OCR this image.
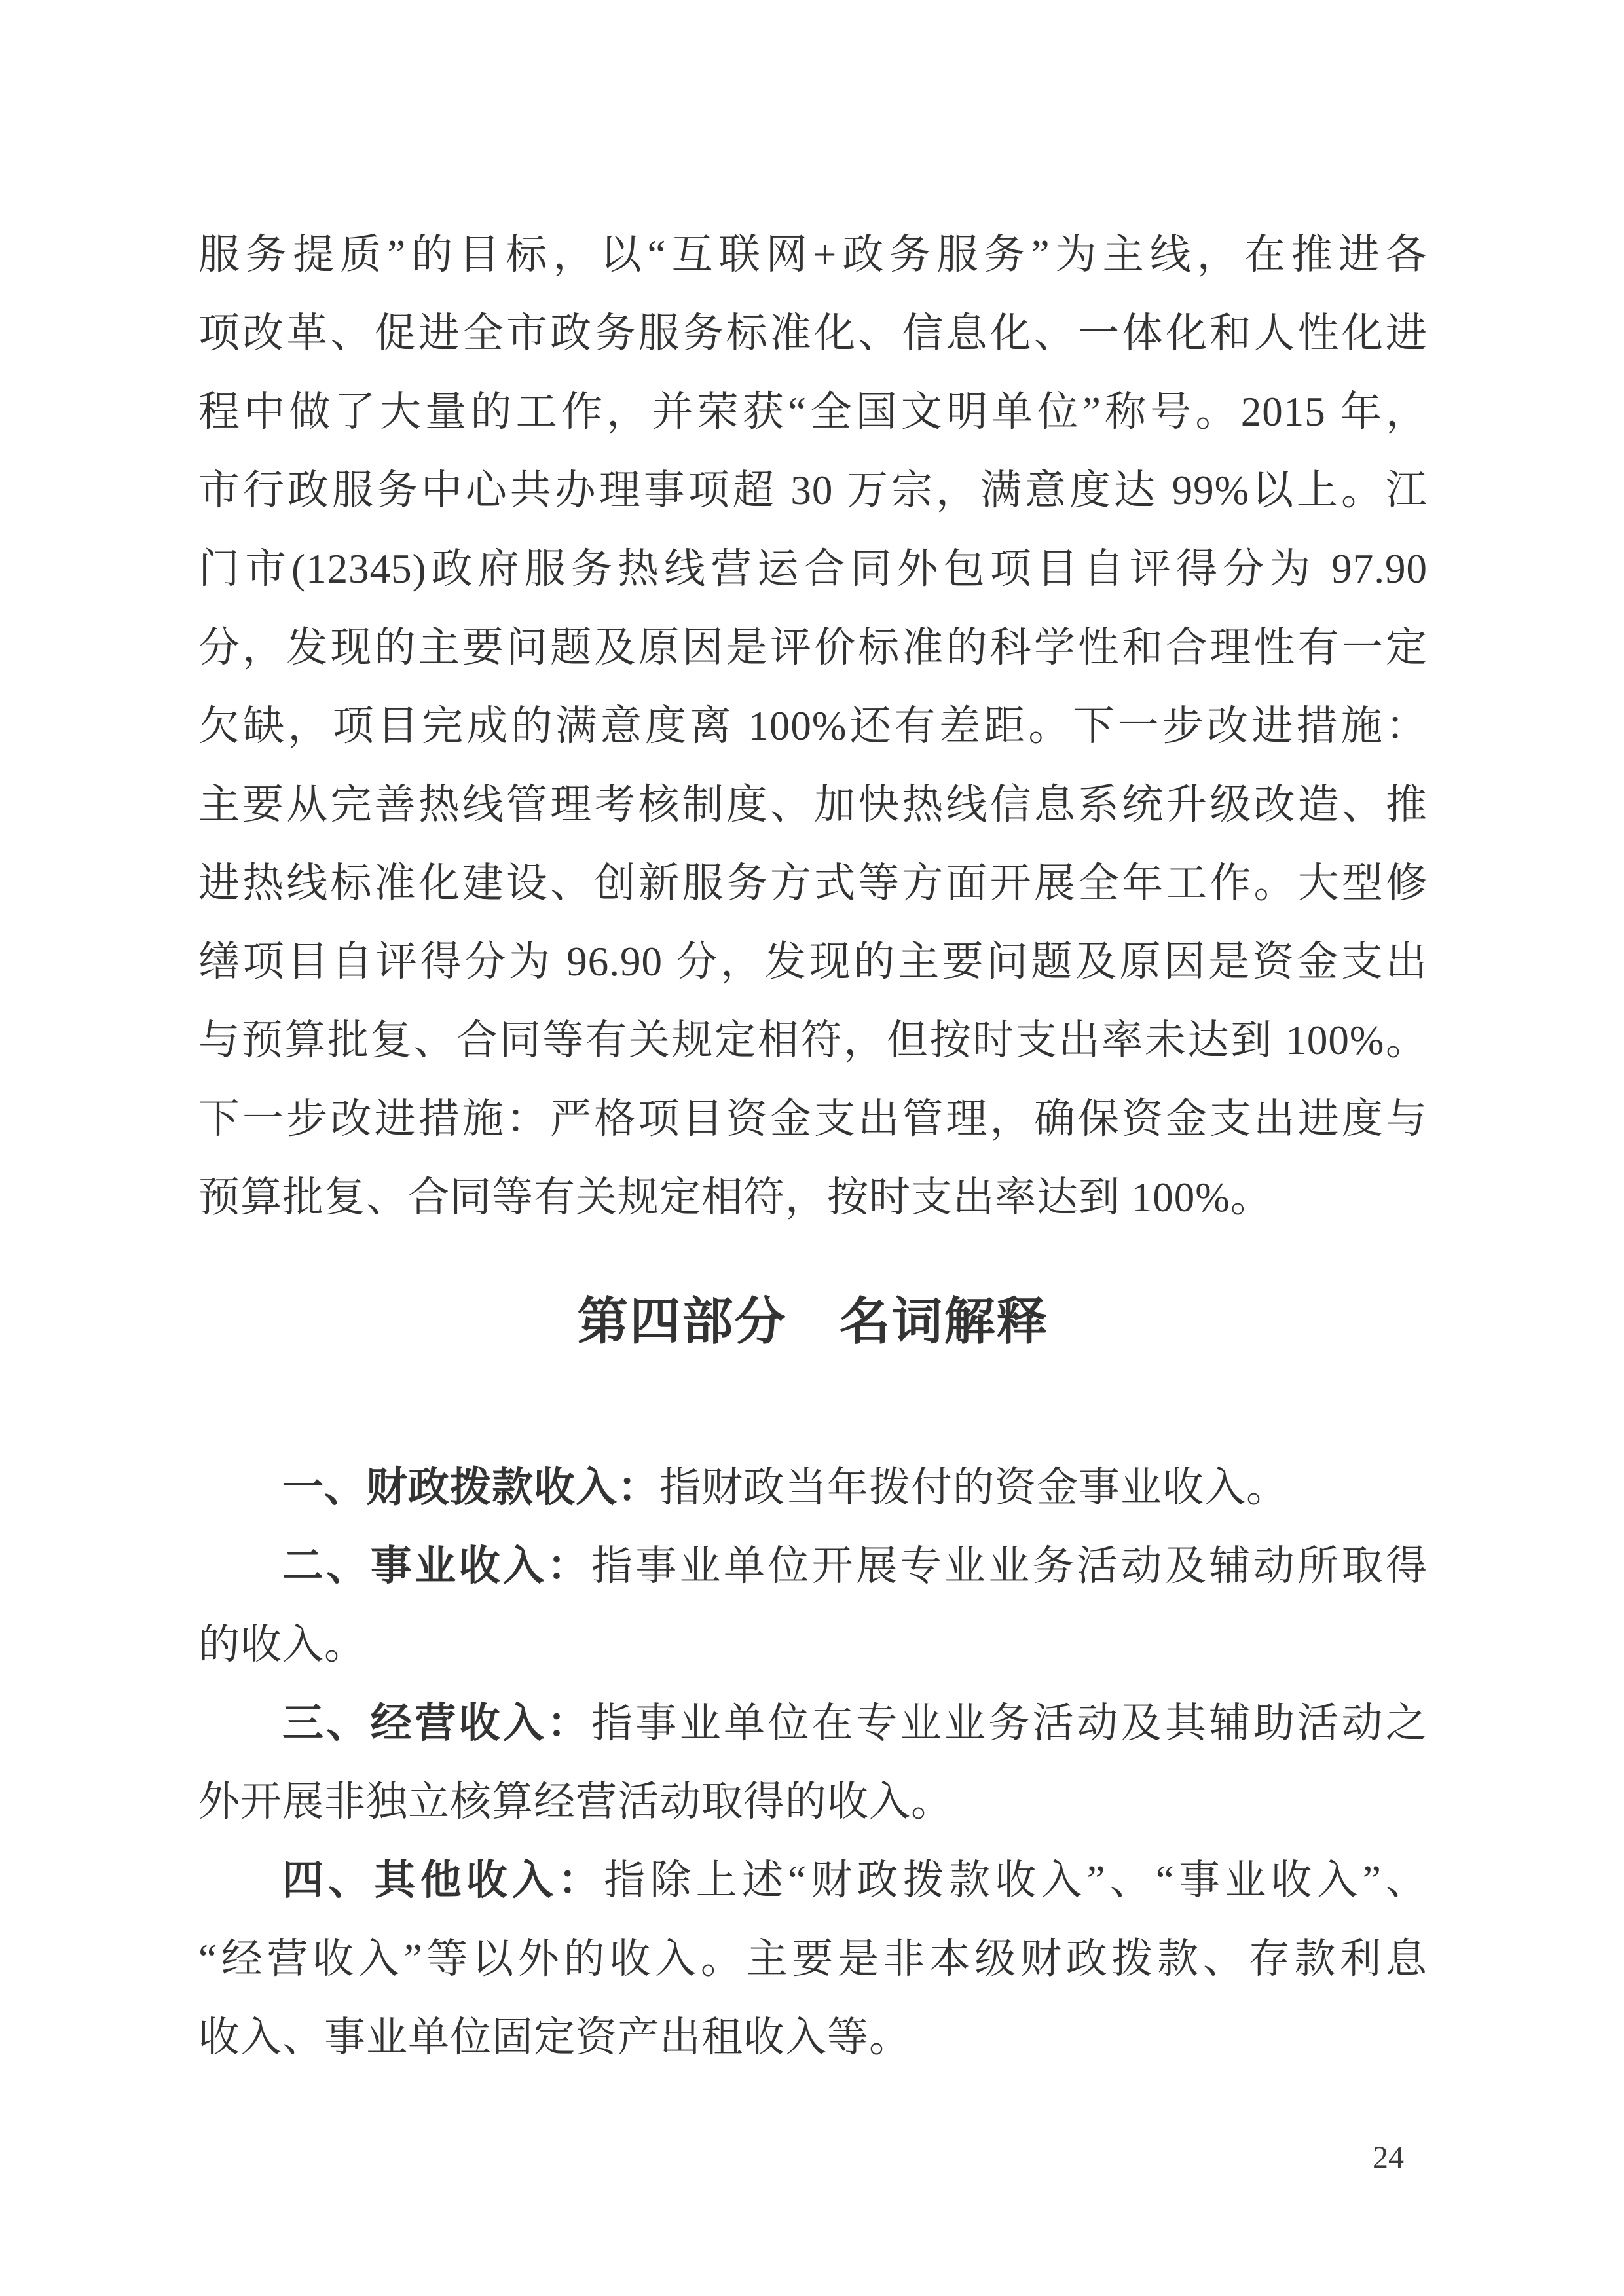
服务提质”的目标，以“互联网+政务服务”为主线，在推进各
项改革、促进全市政务服务标准化、信息化、一体化和人性化进
程中做了大量的工作，并荣获“全国文明单位”称号。2015 年，
市行政服务中心共办理事项超 30 万宗，满意度达 99%以上。江
门市(12345)政府服务热线营运合同外包项目自评得分为 97.90
分，发现的主要问题及原因是评价标准的科学性和合理性有一定
欠缺，项目完成的满意度离 100%还有差距。下一步改进措施：
主要从完善热线管理考核制度、加快热线信息系统升级改造、推
进热线标准化建设、创新服务方式等方面开展全年工作。大型修
缮项目自评得分为 96.90 分，发现的主要问题及原因是资金支出
与预算批复、合同等有关规定相符，但按时支出率未达到 100%。
下一步改进措施：严格项目资金支出管理，确保资金支出进度与
预算批复、合同等有关规定相符，按时支出率达到 100%。
第四部分　名词解释
一、财政拨款收入：指财政当年拨付的资金事业收入。
二、事业收入：指事业单位开展专业业务活动及辅动所取得
的收入。
三、经营收入：指事业单位在专业业务活动及其辅助活动之
外开展非独立核算经营活动取得的收入。
四、其他收入：指除上述“财政拨款收入”、“事业收入”、
“经营收入”等以外的收入。主要是非本级财政拨款、存款利息
收入、事业单位固定资产出租收入等。
24
